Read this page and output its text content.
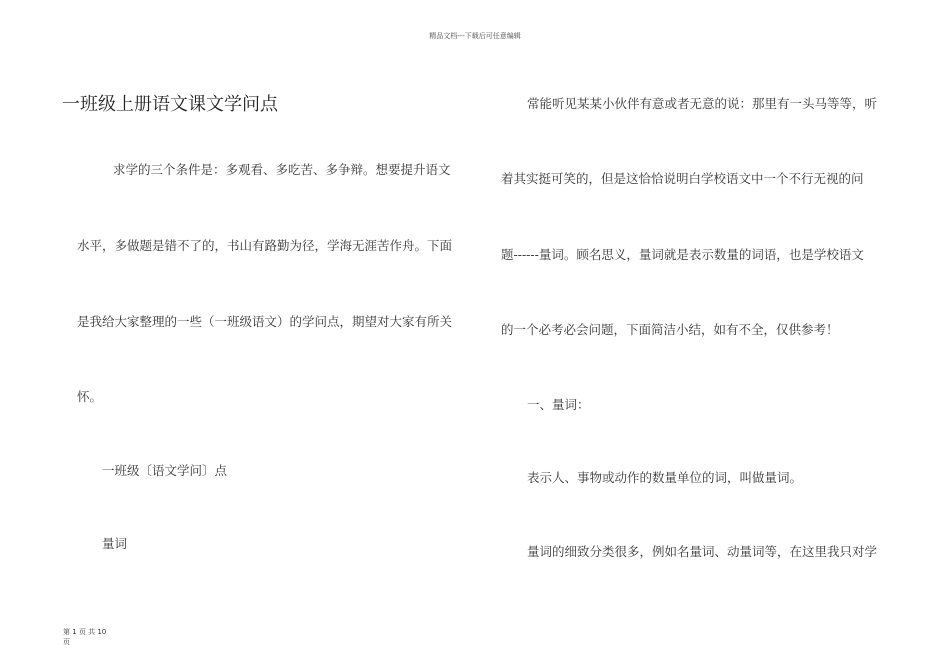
精品文档---下载后可任意编辑
一班级上册语文课文学问点
求学的三个条件是：多观看、多吃苦、多争辩。想要提升语文
水平，多做题是错不了的，书山有路勤为径，学海无涯苦作舟。下面
是我给大家整理的一些（一班级语文）的学问点，期望对大家有所关
怀。
一班级〔语文学问〕点
量词
常能听见某某小伙伴有意或者无意的说：那里有一头马等等，听
着其实挺可笑的，但是这恰恰说明白学校语文中一个不行无视的问
题------量词。顾名思义，量词就是表示数量的词语，也是学校语文
的一个必考必会问题，下面简洁小结，如有不全，仅供参考！
一、量词：
表示人、事物或动作的数量单位的词，叫做量词。
量词的细致分类很多，例如名量词、动量词等，在这里我只对学
第 1 页 共 10
页
